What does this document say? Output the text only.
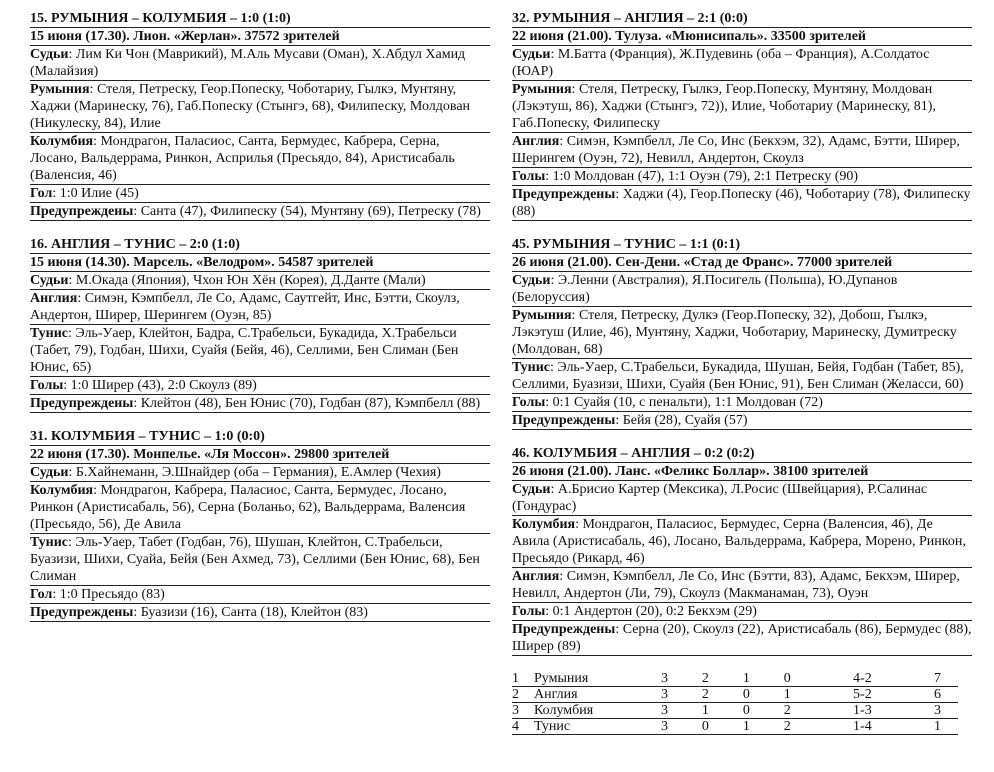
15. РУМЫНИЯ – КОЛУМБИЯ – 1:0 (1:0)
15 июня (17.30). Лион. «Жерлан». 37572 зрителей
Судьи: Лим Ки Чон (Маврикий), М.Аль Мусави (Оман), Х.Абдул Хамид (Малайзия)
Румыния: Стеля, Петреску, Геор.Попеску, Чоботариу, Гылкэ, Мунтяну, Хаджи (Маринеску, 76), Габ.Попеску (Стынгэ, 68), Филипеску, Молдован (Никулеску, 84), Илие
Колумбия: Мондрагон, Паласиос, Санта, Бермудес, Кабрера, Серна, Лосано, Вальдеррама, Ринкон, Асприлья (Пресьядо, 84), Аристисабаль (Валенсия, 46)
Гол: 1:0 Илие (45)
Предупреждены: Санта (47), Филипеску (54), Мунтяну (69), Петреску (78)
16. АНГЛИЯ – ТУНИС – 2:0 (1:0)
15 июня (14.30). Марсель. «Велодром». 54587 зрителей
Судьи: М.Окада (Япония), Чхон Юн Хён (Корея), Д.Данте (Мали)
Англия: Симэн, Кэмпбелл, Ле Со, Адамс, Саутгейт, Инс, Бэтти, Скоулз, Андертон, Ширер, Шерингем (Оуэн, 85)
Тунис: Эль-Уаер, Клейтон, Бадра, С.Трабельси, Букадида, Х.Трабельси (Табет, 79), Годбан, Шихи, Суайя (Бейя, 46), Селлими, Бен Слиман (Бен Юнис, 65)
Голы: 1:0 Ширер (43), 2:0 Скоулз (89)
Предупреждены: Клейтон (48), Бен Юнис (70), Годбан (87), Кэмпбелл (88)
31. КОЛУМБИЯ – ТУНИС – 1:0 (0:0)
22 июня (17.30). Монпелье. «Ля Моссон». 29800 зрителей
Судьи: Б.Хайнеманн, Э.Шнайдер (оба – Германия), Е.Амлер (Чехия)
Колумбия: Мондрагон, Кабрера, Паласиос, Санта, Бермудес, Лосано, Ринкон (Аристисабаль, 56), Серна (Боланьо, 62), Вальдеррама, Валенсия (Пресьядо, 56), Де Авила
Тунис: Эль-Уаер, Табет (Годбан, 76), Шушан, Клейтон, С.Трабельси, Буазизи, Шихи, Суайа, Бейя (Бен Ахмед, 73), Селлими (Бен Юнис, 68), Бен Слиман
Гол: 1:0 Пресьядо (83)
Предупреждены: Буазизи (16), Санта (18), Клейтон (83)
32. РУМЫНИЯ – АНГЛИЯ – 2:1 (0:0)
22 июня (21.00). Тулуза. «Мюнисипаль». 33500 зрителей
Судьи: М.Батта (Франция), Ж.Пудевинь (оба – Франция), А.Солдатос (ЮАР)
Румыния: Стеля, Петреску, Гылкэ, Геор.Попеску, Мунтяну, Молдован (Лэкэтуш, 86), Хаджи (Стынгэ, 72)), Илие, Чоботариу (Маринеску, 81), Габ.Попеску, Филипеску
Англия: Симэн, Кэмпбелл, Ле Со, Инс (Бекхэм, 32), Адамс, Бэтти, Ширер, Шерингем (Оуэн, 72), Невилл, Андертон, Скоулз
Голы: 1:0 Молдован (47), 1:1 Оуэн (79), 2:1 Петреску (90)
Предупреждены: Хаджи (4), Геор.Попеску (46), Чоботариу (78), Филипеску (88)
45. РУМЫНИЯ – ТУНИС – 1:1 (0:1)
26 июня (21.00). Сен-Дени. «Стад де Франс». 77000 зрителей
Судьи: Э.Ленни (Австралия), Я.Посигель (Польша), Ю.Дупанов (Белоруссия)
Румыния: Стеля, Петреску, Дулкэ (Геор.Попеску, 32), Добош, Гылкэ, Лэкэтуш (Илие, 46), Мунтяну, Хаджи, Чоботариу, Маринеску, Думитреску (Молдован, 68)
Тунис: Эль-Уаер, С.Трабельси, Букадида, Шушан, Бейя, Годбан (Табет, 85), Селлими, Буазизи, Шихи, Суайя (Бен Юнис, 91), Бен Слиман (Желасси, 60)
Голы: 0:1 Суайя (10, с пенальти), 1:1 Молдован (72)
Предупреждены: Бейя (28), Суайя (57)
46. КОЛУМБИЯ – АНГЛИЯ – 0:2 (0:2)
26 июня (21.00). Ланс. «Феликс Боллар». 38100 зрителей
Судьи: А.Брисио Картер (Мексика), Л.Росис (Швейцария), Р.Салинас (Гондурас)
Колумбия: Мондрагон, Паласиос, Бермудес, Серна (Валенсия, 46), Де Авила (Аристисабаль, 46), Лосано, Вальдеррама, Кабрера, Морено, Ринкон, Пресьядо (Рикард, 46)
Англия: Симэн, Кэмпбелл, Ле Со, Инс (Бэтти, 83), Адамс, Бекхэм, Ширер, Невилл, Андертон (Ли, 79), Скоулз (Макманаман, 73), Оуэн
Голы: 0:1 Андертон (20), 0:2 Бекхэм (29)
Предупреждены: Серна (20), Скоулз (22), Аристисабаль (86), Бермудес (88), Ширер (89)
1	Румыния	3	2	1	0	4-2	7
2	Англия	3	2	0	1	5-2	6
3	Колумбия	3	1	0	2	1-3	3
4	Тунис	3	0	1	2	1-4	1
